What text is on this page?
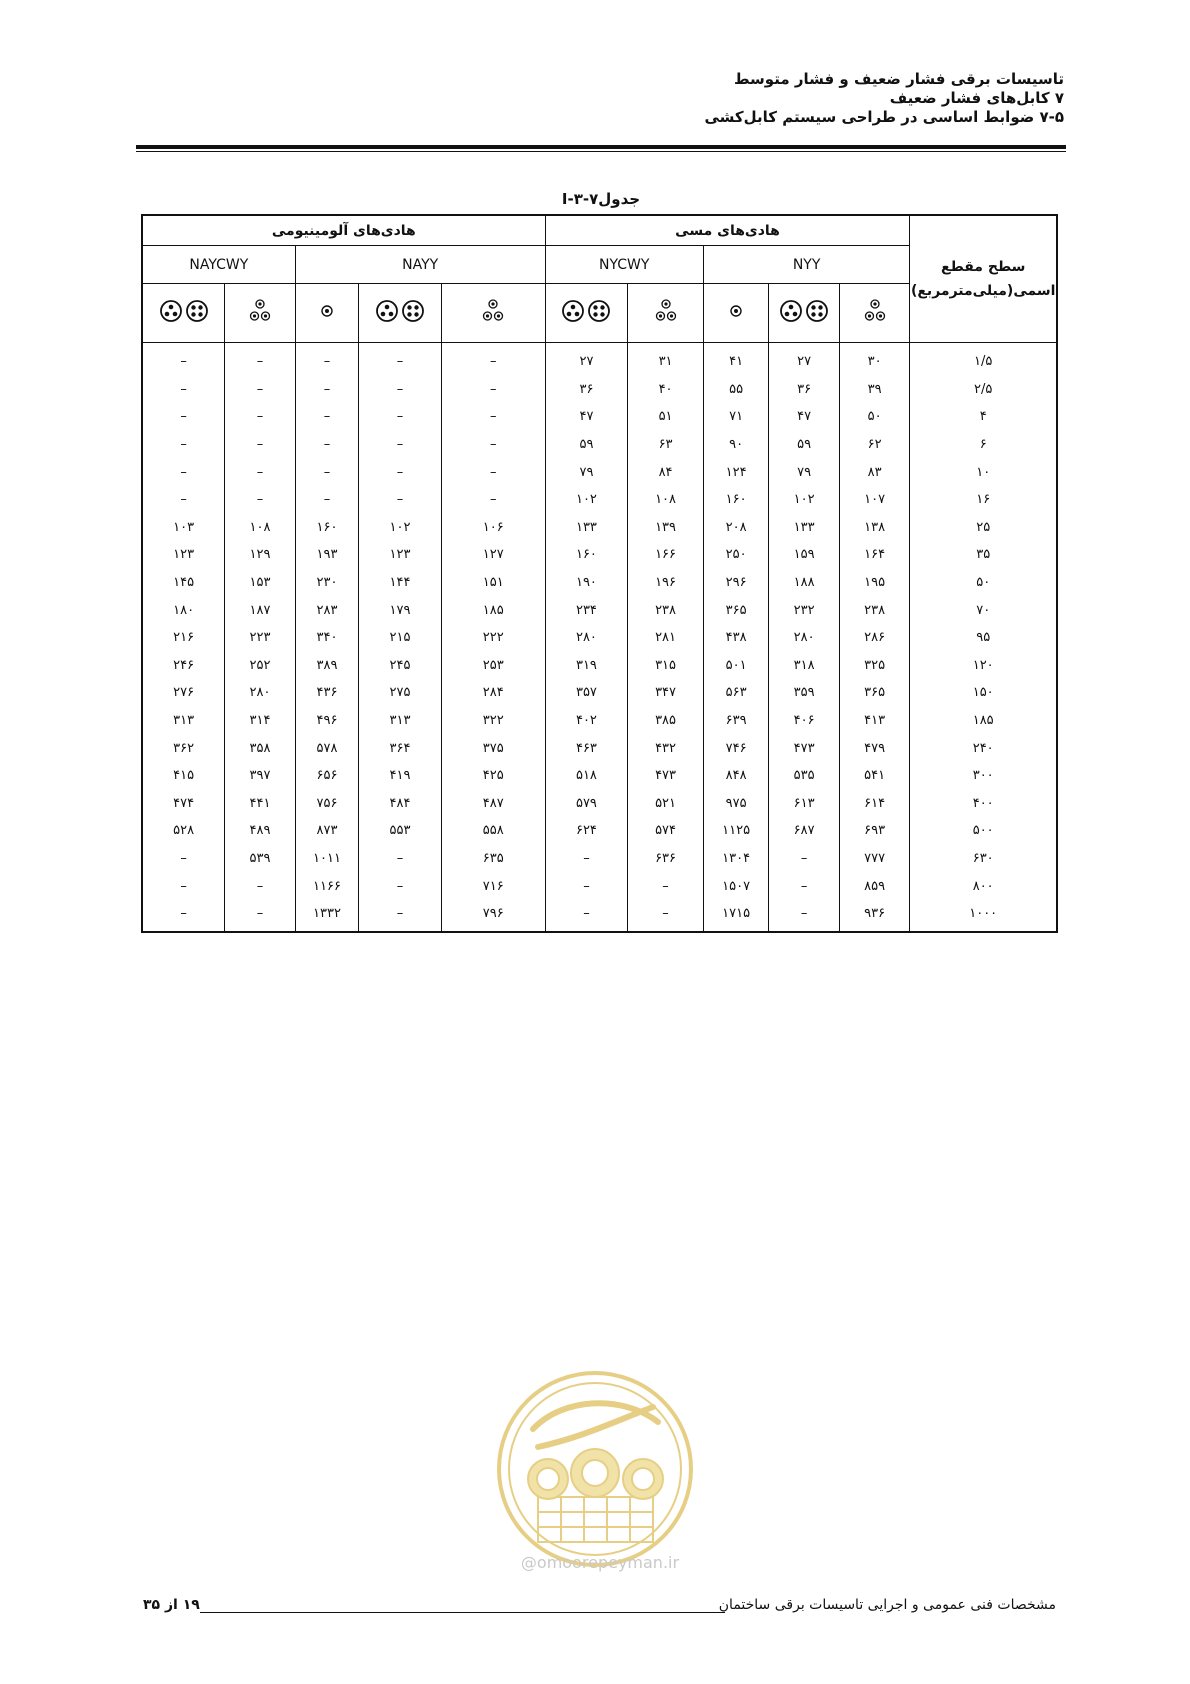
تاسیسات برقی فشار ضعیف و فشار متوسط
۷ کابل‌های فشار ضعیف
۷-۵ ضوابط اساسی در طراحی سیستم کابل‌کشی
جدول۷-۳-I
سطح مقطع
اسمی(میلی‌مترمربع)	هادی‌های مسی					هادی‌های آلومینیومی				
	NYY			NYCWY		NAYY			NAYCWY	

۱/۵	۳۰	۲۷	۴۱	۳۱	۲۷	–	–	–	–	–
۲/۵	۳۹	۳۶	۵۵	۴۰	۳۶	–	–	–	–	–
۴	۵۰	۴۷	۷۱	۵۱	۴۷	–	–	–	–	–
۶	۶۲	۵۹	۹۰	۶۳	۵۹	–	–	–	–	–
۱۰	۸۳	۷۹	۱۲۴	۸۴	۷۹	–	–	–	–	–
۱۶	۱۰۷	۱۰۲	۱۶۰	۱۰۸	۱۰۲	–	–	–	–	–
۲۵	۱۳۸	۱۳۳	۲۰۸	۱۳۹	۱۳۳	۱۰۶	۱۰۲	۱۶۰	۱۰۸	۱۰۳
۳۵	۱۶۴	۱۵۹	۲۵۰	۱۶۶	۱۶۰	۱۲۷	۱۲۳	۱۹۳	۱۲۹	۱۲۳
۵۰	۱۹۵	۱۸۸	۲۹۶	۱۹۶	۱۹۰	۱۵۱	۱۴۴	۲۳۰	۱۵۳	۱۴۵
۷۰	۲۳۸	۲۳۲	۳۶۵	۲۳۸	۲۳۴	۱۸۵	۱۷۹	۲۸۳	۱۸۷	۱۸۰
۹۵	۲۸۶	۲۸۰	۴۳۸	۲۸۱	۲۸۰	۲۲۲	۲۱۵	۳۴۰	۲۲۳	۲۱۶
۱۲۰	۳۲۵	۳۱۸	۵۰۱	۳۱۵	۳۱۹	۲۵۳	۲۴۵	۳۸۹	۲۵۲	۲۴۶
۱۵۰	۳۶۵	۳۵۹	۵۶۳	۳۴۷	۳۵۷	۲۸۴	۲۷۵	۴۳۶	۲۸۰	۲۷۶
۱۸۵	۴۱۳	۴۰۶	۶۳۹	۳۸۵	۴۰۲	۳۲۲	۳۱۳	۴۹۶	۳۱۴	۳۱۳
۲۴۰	۴۷۹	۴۷۳	۷۴۶	۴۳۲	۴۶۳	۳۷۵	۳۶۴	۵۷۸	۳۵۸	۳۶۲
۳۰۰	۵۴۱	۵۳۵	۸۴۸	۴۷۳	۵۱۸	۴۲۵	۴۱۹	۶۵۶	۳۹۷	۴۱۵
۴۰۰	۶۱۴	۶۱۳	۹۷۵	۵۲۱	۵۷۹	۴۸۷	۴۸۴	۷۵۶	۴۴۱	۴۷۴
۵۰۰	۶۹۳	۶۸۷	۱۱۲۵	۵۷۴	۶۲۴	۵۵۸	۵۵۳	۸۷۳	۴۸۹	۵۲۸
۶۳۰	۷۷۷	–	۱۳۰۴	۶۳۶	–	۶۳۵	–	۱۰۱۱	۵۳۹	–
۸۰۰	۸۵۹	–	۱۵۰۷	–	–	۷۱۶	–	۱۱۶۶	–	–
۱۰۰۰	۹۳۶	–	۱۷۱۵	–	–	۷۹۶	–	۱۳۳۲	–	–
@omoorepeyman.ir
۱۹ از ۳۵	مشخصات فنی عمومی و اجرایی تاسیسات برقی ساختمان
